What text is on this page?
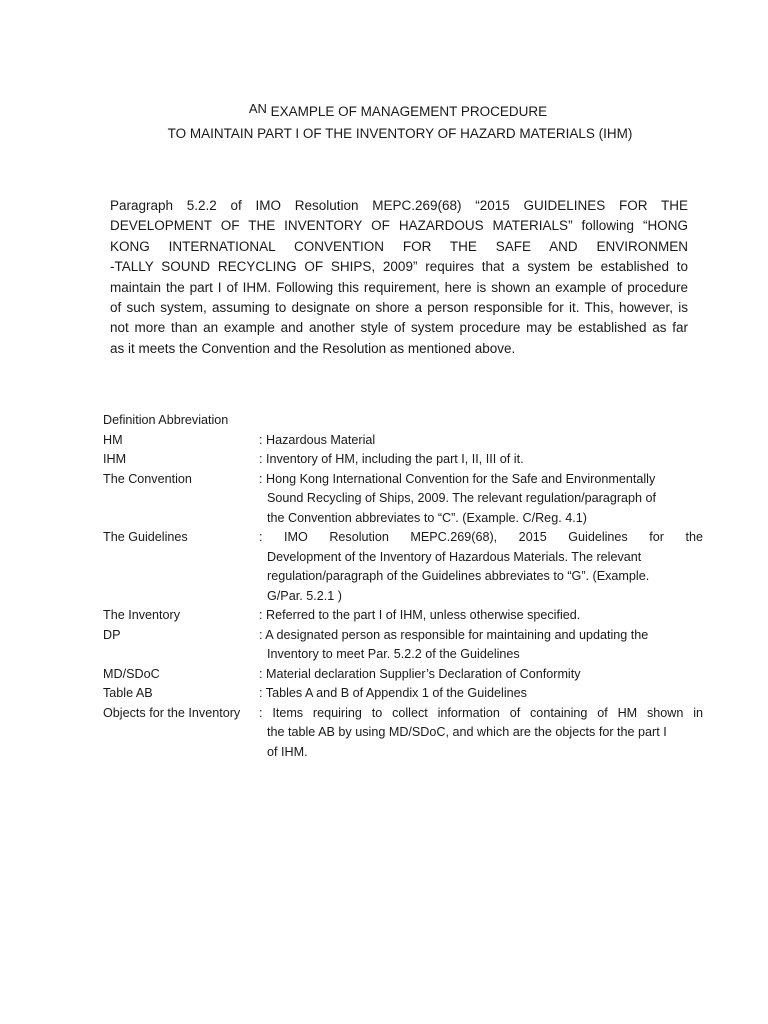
AN EXAMPLE OF MANAGEMENT PROCEDURE
TO MAINTAIN PART I OF THE INVENTORY OF HAZARD MATERIALS (IHM)
Paragraph 5.2.2 of IMO Resolution MEPC.269(68) “2015 GUIDELINES FOR THE
DEVELOPMENT OF THE INVENTORY OF HAZARDOUS MATERIALS” following “HONG
KONG INTERNATIONAL CONVENTION FOR THE SAFE AND ENVIRONMEN
-TALLY SOUND RECYCLING OF SHIPS, 2009” requires that a system be established to
maintain the part I of IHM. Following this requirement, here is shown an example of procedure
of such system, assuming to designate on shore a person responsible for it. This, however, is
not more than an example and another style of system procedure may be established as far
as it meets the Convention and the Resolution as mentioned above.
Definition Abbreviation
HM	: Hazardous Material
IHM	: Inventory of HM, including the part I, II, III of it.
The Convention	: Hong Kong International Convention for the Safe and Environmentally
Sound Recycling of Ships, 2009. The relevant regulation/paragraph of
the Convention abbreviates to “C”. (Example. C/Reg. 4.1)
The Guidelines	: IMO Resolution MEPC.269(68), 2015 Guidelines for the
Development of the Inventory of Hazardous Materials. The relevant
regulation/paragraph of the Guidelines abbreviates to “G”. (Example.
G/Par. 5.2.1 )
The Inventory	: Referred to the part I of IHM, unless otherwise specified.
DP	: A designated person as responsible for maintaining and updating the
Inventory to meet Par. 5.2.2 of the Guidelines
MD/SDoC	: Material declaration Supplier’s Declaration of Conformity
Table AB	: Tables A and B of Appendix 1 of the Guidelines
Objects for the Inventory	: Items requiring to collect information of containing of HM shown in
the table AB by using MD/SDoC, and which are the objects for the part I
of IHM.
